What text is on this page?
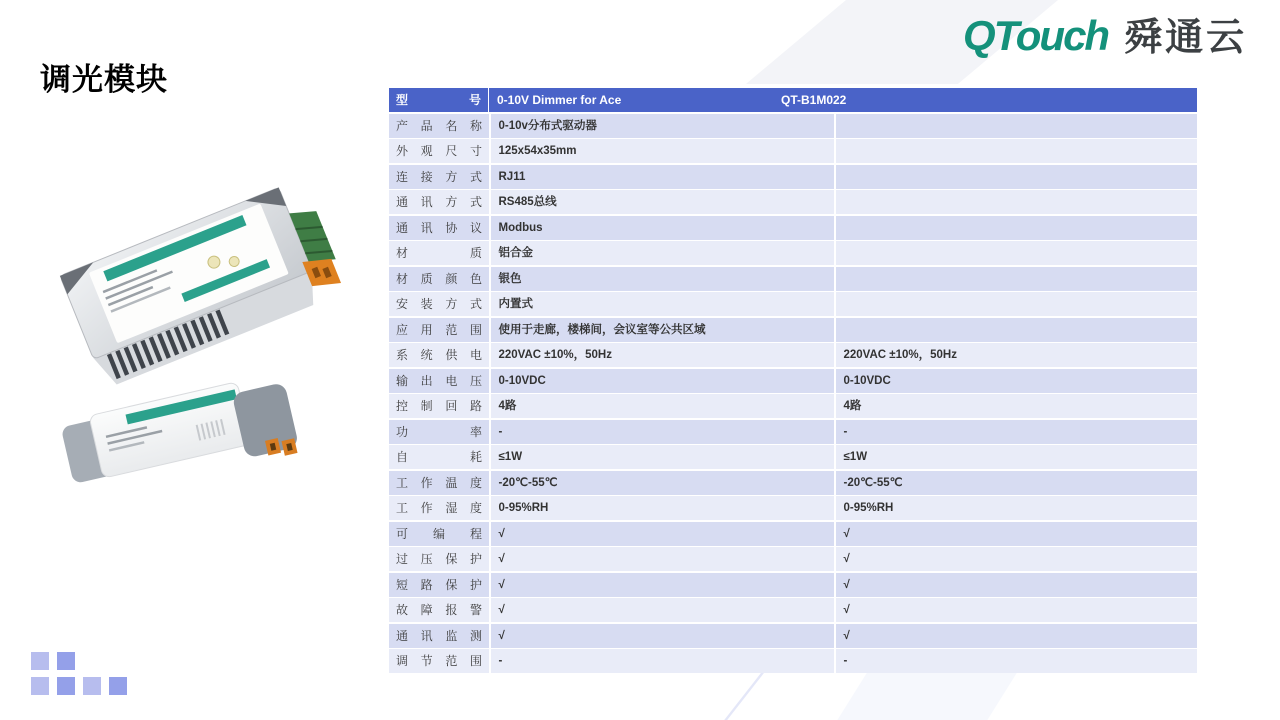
QTouch 舜通云
调光模块
型号	0-10V Dimmer for Ace	QT-B1M022
产品名称	0-10v分布式驱动器
外观尺寸	125x54x35mm
连接方式	RJ11
通讯方式	RS485总线
通讯协议	Modbus
材质	铝合金
材质颜色	银色
安装方式	内置式
应用范围	使用于走廊，楼梯间，会议室等公共区域
系统供电	220VAC ±10%，50Hz	220VAC ±10%，50Hz
输出电压	0-10VDC	0-10VDC
控制回路	4路	4路
功率	-	-
自耗	≤1W	≤1W
工作温度	-20℃-55℃	-20℃-55℃
工作湿度	0-95%RH	0-95%RH
可编程	√	√
过压保护	√	√
短路保护	√	√
故障报警	√	√
通讯监测	√	√
调节范围	-	-
